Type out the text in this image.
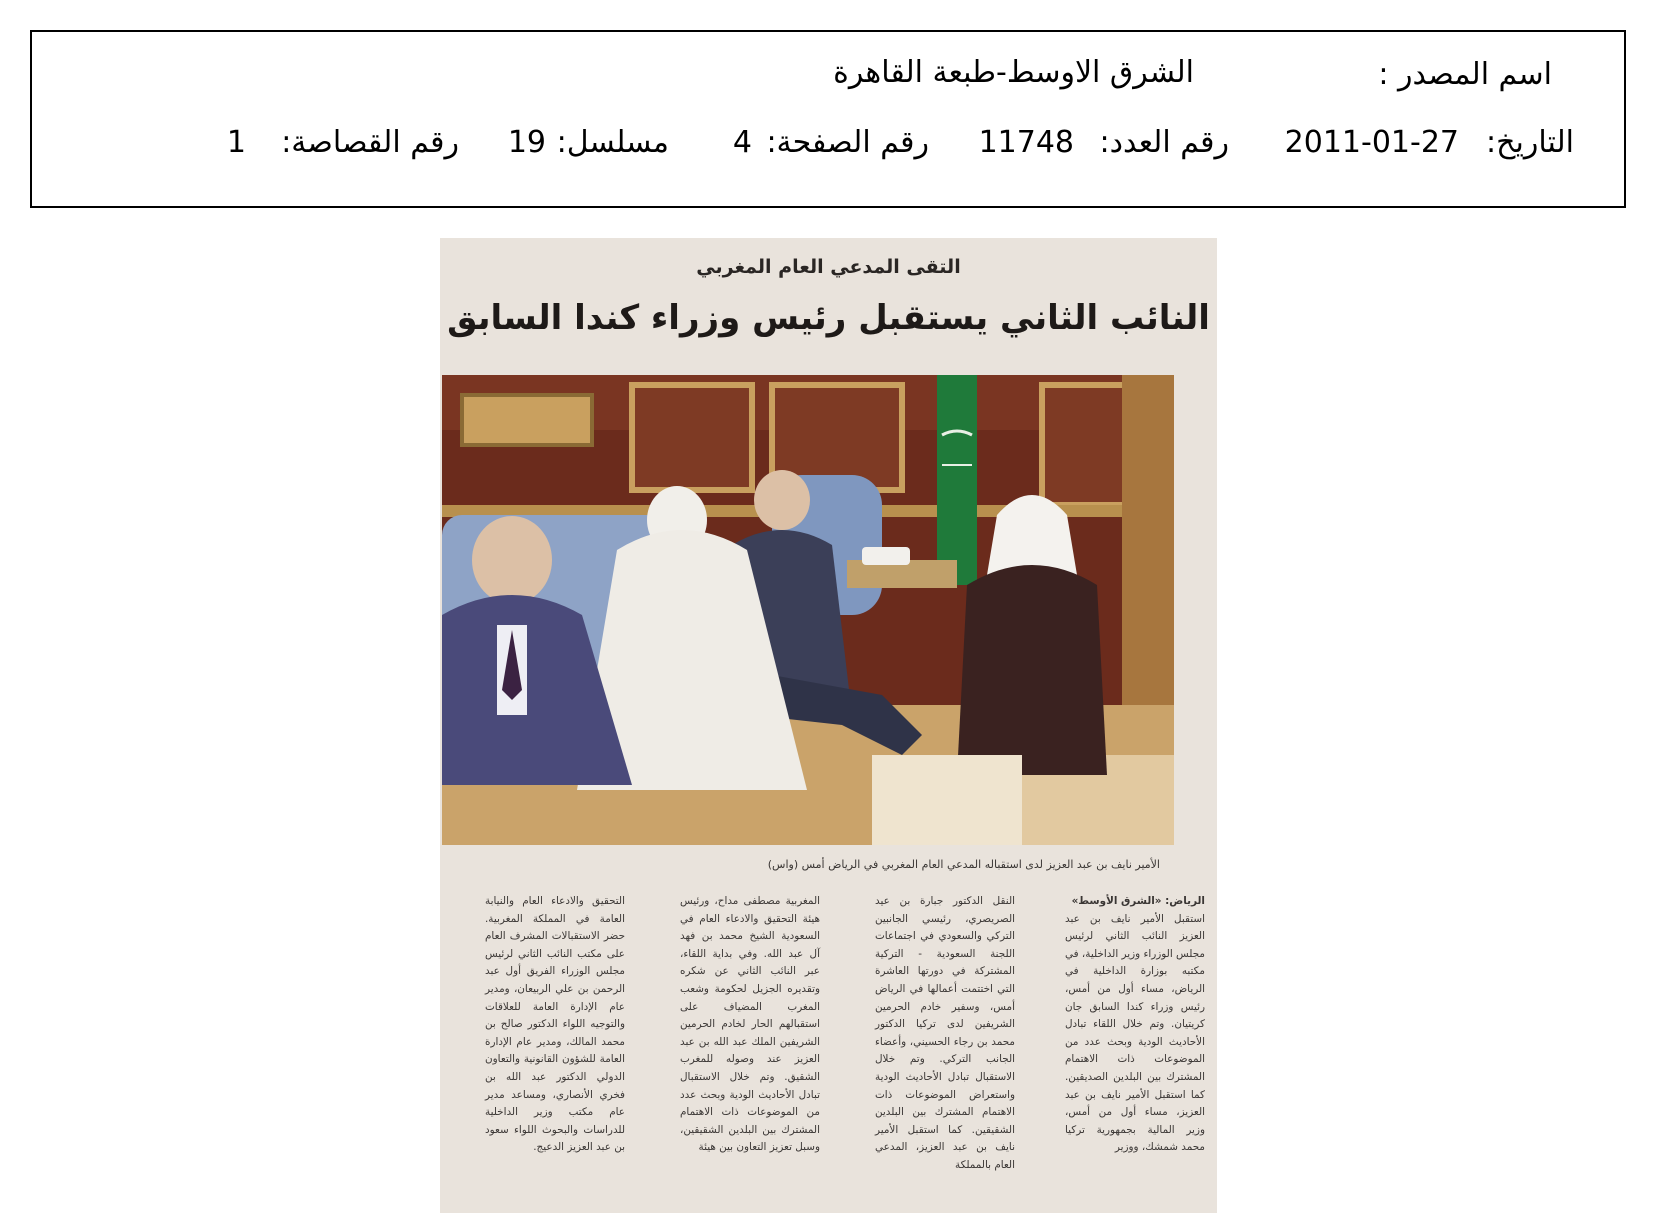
اسم المصدر :
الشرق الاوسط-طبعة القاهرة
التاريخ:
2011-01-27
رقم العدد:
11748
رقم الصفحة:
4
مسلسل:
19
رقم القصاصة:
1
التقى المدعي العام المغربي
النائب الثاني يستقبل رئيس وزراء كندا السابق
الأمير نايف بن عبد العزيز لدى استقباله المدعي العام المغربي في الرياض أمس (واس)
الرياض: «الشرق الأوسط»
استقبل الأمير نايف بن عبد العزيز النائب الثاني لرئيس مجلس الوزراء وزير الداخلية، في مكتبه بوزارة الداخلية في الرياض، مساء أول من أمس، رئيس وزراء كندا السابق جان كريتيان. وتم خلال اللقاء تبادل الأحاديث الودية وبحث عدد من الموضوعات ذات الاهتمام المشترك بين البلدين الصديقين. كما استقبل الأمير نايف بن عبد العزيز، مساء أول من أمس، وزير المالية بجمهورية تركيا محمد شمشك، ووزير
النقل الدكتور جبارة بن عيد الصريصري، رئيسي الجانبين التركي والسعودي في اجتماعات اللجنة السعودية - التركية المشتركة في دورتها العاشرة التي اختتمت أعمالها في الرياض أمس، وسفير خادم الحرمين الشريفين لدى تركيا الدكتور محمد بن رجاء الحسيني، وأعضاء الجانب التركي. وتم خلال الاستقبال تبادل الأحاديث الودية واستعراض الموضوعات ذات الاهتمام المشترك بين البلدين الشقيقين. كما استقبل الأمير نايف بن عبد العزيز، المدعي العام بالمملكة
المغربية مصطفى مداح، ورئيس هيئة التحقيق والادعاء العام في السعودية الشيخ محمد بن فهد آل عبد الله. وفي بداية اللقاء، عبر النائب الثاني عن شكره وتقديره الجزيل لحكومة وشعب المغرب المضياف على استقبالهم الحار لخادم الحرمين الشريفين الملك عبد الله بن عبد العزيز عند وصوله للمغرب الشقيق. وتم خلال الاستقبال تبادل الأحاديث الودية وبحث عدد من الموضوعات ذات الاهتمام المشترك بين البلدين الشقيقين، وسبل تعزيز التعاون بين هيئة
التحقيق والادعاء العام والنيابة العامة في المملكة المغربية. حضر الاستقبالات المشرف العام على مكتب النائب الثاني لرئيس مجلس الوزراء الفريق أول عبد الرحمن بن علي الربيعان، ومدير عام الإدارة العامة للعلاقات والتوجيه اللواء الدكتور صالح بن محمد المالك، ومدير عام الإدارة العامة للشؤون القانونية والتعاون الدولي الدكتور عبد الله بن فخري الأنصاري، ومساعد مدير عام مكتب وزير الداخلية للدراسات والبحوث اللواء سعود بن عبد العزيز الدعيج.
